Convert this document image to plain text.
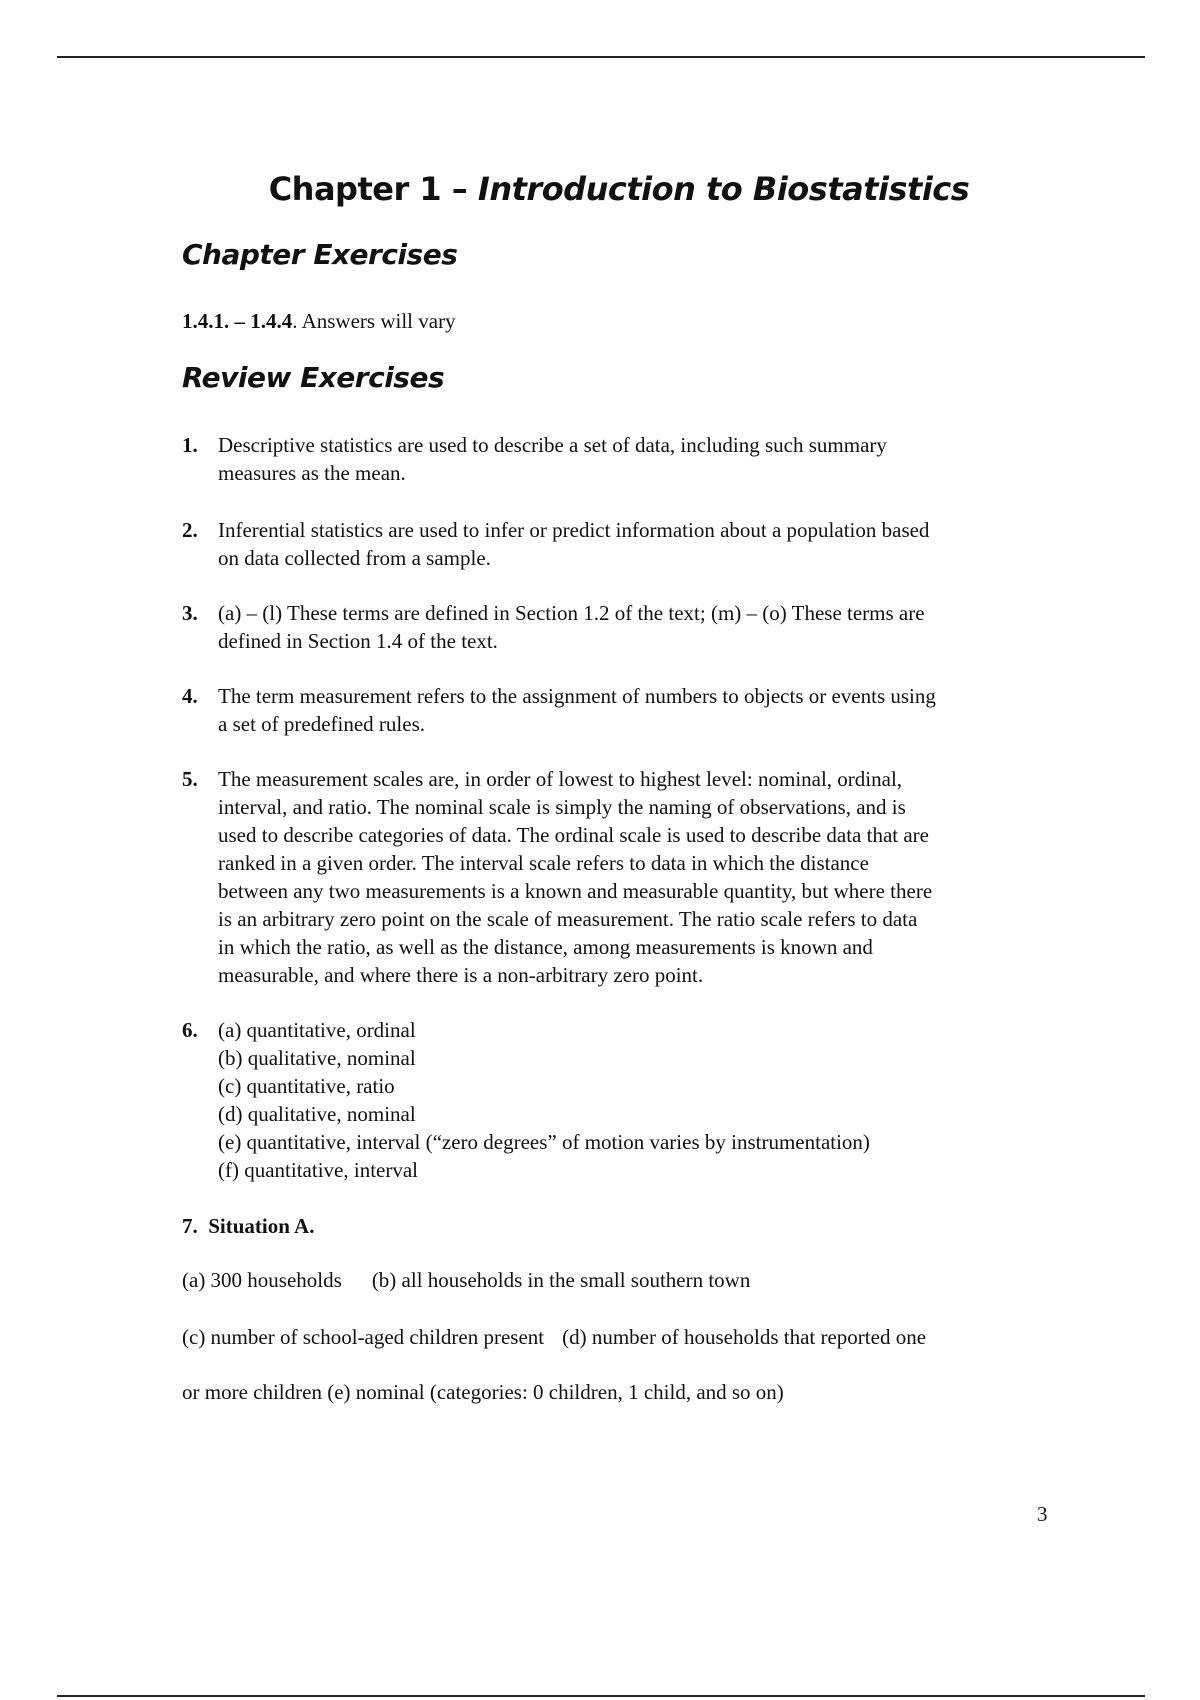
Chapter 1 – Introduction to Biostatistics
Chapter Exercises
1.4.1. – 1.4.4. Answers will vary
Review Exercises
1. Descriptive statistics are used to describe a set of data, including such summary
measures as the mean.
2. Inferential statistics are used to infer or predict information about a population based
on data collected from a sample.
3. (a) – (l) These terms are defined in Section 1.2 of the text; (m) – (o) These terms are
defined in Section 1.4 of the text.
4. The term measurement refers to the assignment of numbers to objects or events using
a set of predefined rules.
5. The measurement scales are, in order of lowest to highest level: nominal, ordinal,
interval, and ratio. The nominal scale is simply the naming of observations, and is
used to describe categories of data. The ordinal scale is used to describe data that are
ranked in a given order. The interval scale refers to data in which the distance
between any two measurements is a known and measurable quantity, but where there
is an arbitrary zero point on the scale of measurement. The ratio scale refers to data
in which the ratio, as well as the distance, among measurements is known and
measurable, and where there is a non-arbitrary zero point.
6. (a) quantitative, ordinal
(b) qualitative, nominal
(c) quantitative, ratio
(d) qualitative, nominal
(e) quantitative, interval (“zero degrees” of motion varies by instrumentation)
(f) quantitative, interval
7. Situation A.
(a) 300 households (b) all households in the small southern town
(c) number of school-aged children present (d) number of households that reported one
or more children (e) nominal (categories: 0 children, 1 child, and so on)
3
